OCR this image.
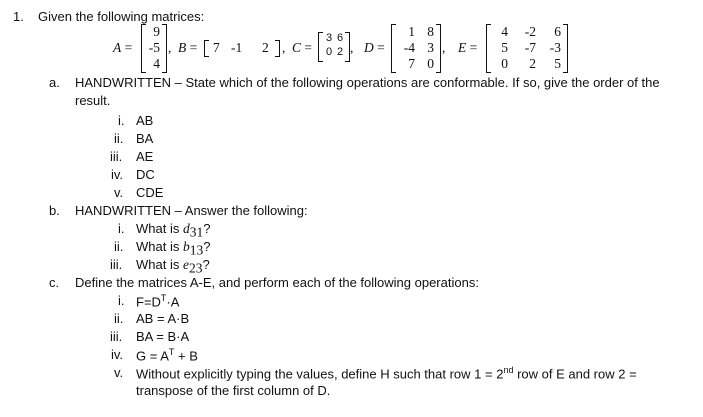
1. Given the following matrices:
A =
9
-5
4
, B = 7 -1 2 , C =
3 6
0 2 , D =
1 8
-4 3
7 0
, E =
4 -2 6
5 -7 -3
0 2 5
a. HANDWRITTEN – State which of the following operations are conformable. If so, give the order of the
result.
i. AB
ii. BA
iii. AE
iv. DC
v. CDE
b. HANDWRITTEN – Answer the following:
i. What is $d_{31}$?
ii. What is $b_{13}$?
iii. What is $e_{23}$?
c. Define the matrices A-E, and perform each of the following operations:
i. $F=D^T\cdot A$
ii. AB = A·B
iii. BA = B·A
iv. $G = A^T + B$
v. Without explicitly typing the values, define H such that row 1 = 2nd row of E and row 2 =
transpose of the first column of D.
